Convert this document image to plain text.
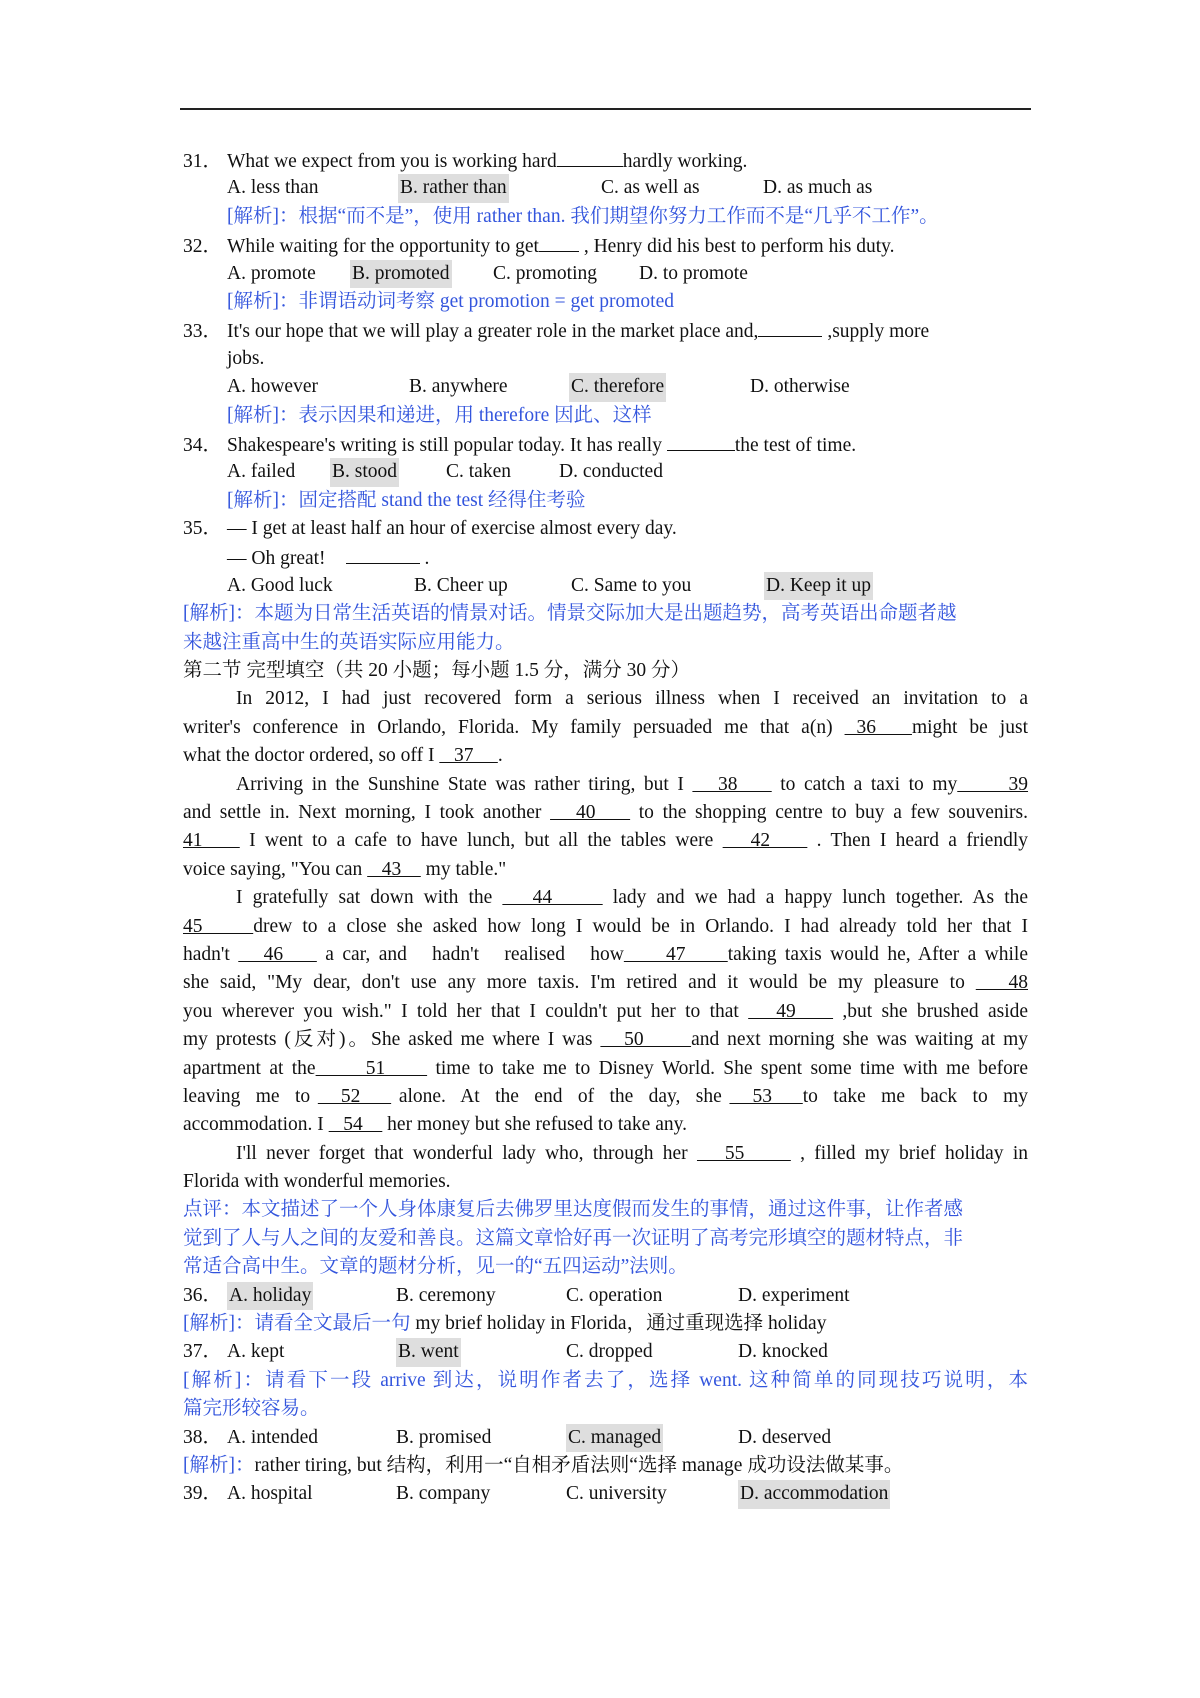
31． What we expect from you is working hard	hardly working.
A. less than	B. rather than	C. as well as	D. as much as
[解析]：根据“而不是”，使用 rather than. 我们期望你努力工作而不是“几乎不工作”。
32． While waiting for the opportunity to get , Henry did his best to perform his duty.
A. promote B. promoted C. promoting D. to promote
[解析]：非谓语动词考察 get promotion = get promoted
33． It's our hope that we will play a greater role in the market place and,	,supply more
jobs.
A. however	B. anywhere	C. therefore	D. otherwise
[解析]：表示因果和递进，用 therefore 因此、这样
34． Shakespeare's writing is still popular today. It has really	the test of time.
A. failed B. stood	C. taken D. conducted
[解析]：固定搭配 stand the test 经得住考验
35． — I get at least half an hour of exercise almost every day.
— Oh great!	.
A. Good luck	B. Cheer up	C. Same to you	D. Keep it up
[解析]：本题为日常生活英语的情景对话。情景交际加大是出题趋势，高考英语出命题者越
来越注重高中生的英语实际应用能力。
第二节 完型填空（共 20 小题；每小题 1.5 分，满分 30 分）
In 2012, I had just recovered form a serious illness when I received an invitation to a
writer's conference in Orlando, Florida. My family persuaded me that a(n)  36   might be just
what the doctor ordered, so off I    37     .
Arriving in the Sunshine State was rather tiring, but I    38     to catch a taxi to my      39
and settle in. Next morning, I took another    40     to the shopping centre to buy a few souvenirs.
41     I went to a cafe to have lunch, but all the tables were    42     . Then I heard a friendly
voice saying, "You can    43     my table."
I gratefully sat down with the    44      lady and we had a happy lunch together. As the
45     drew to a close she asked how long I would be in Orlando. I had already told her that I
hadn't    46     a car, and   hadn't   realised   how     47     taking taxis would he, After a while
she said, "My dear, don't use any more taxis. I'm retired and it would be my pleasure to    48
you wherever you wish." I told her that I couldn't put her to that    49     ,but she brushed aside
my protests (反对)。She asked me where I was    50      and next morning she was waiting at my
apartment at the      51      time to take me to Disney World. She spent some time with me before
leaving  me  to    52     alone.  At  the  end  of  the  day,  she    53    to  take  me  back  to  my
accommodation. I    54     her money but she refused to take any.
I'll never forget that wonderful lady who, through her    55      , filled my brief holiday in
Florida with wonderful memories.
点评：本文描述了一个人身体康复后去佛罗里达度假而发生的事情，通过这件事，让作者感
觉到了人与人之间的友爱和善良。这篇文章恰好再一次证明了高考完形填空的题材特点，非
常适合高中生。文章的题材分析，见一的“五四运动”法则。
36． A. holiday	B. ceremony	C. operation	D. experiment
[解析]：请看全文最后一句 my brief holiday in Florida，通过重现选择 holiday
37． A. kept	B. went	C. dropped	D. knocked
[解析]：请看下一段 arrive 到达，说明作者去了，选择 went. 这种简单的同现技巧说明，本
篇完形较容易。
38． A. intended	B. promised	C. managed	D. deserved
[解析]：rather tiring, but 结构，利用一“自相矛盾法则“选择 manage 成功设法做某事。
39． A. hospital	B. company	C. university	D. accommodation
